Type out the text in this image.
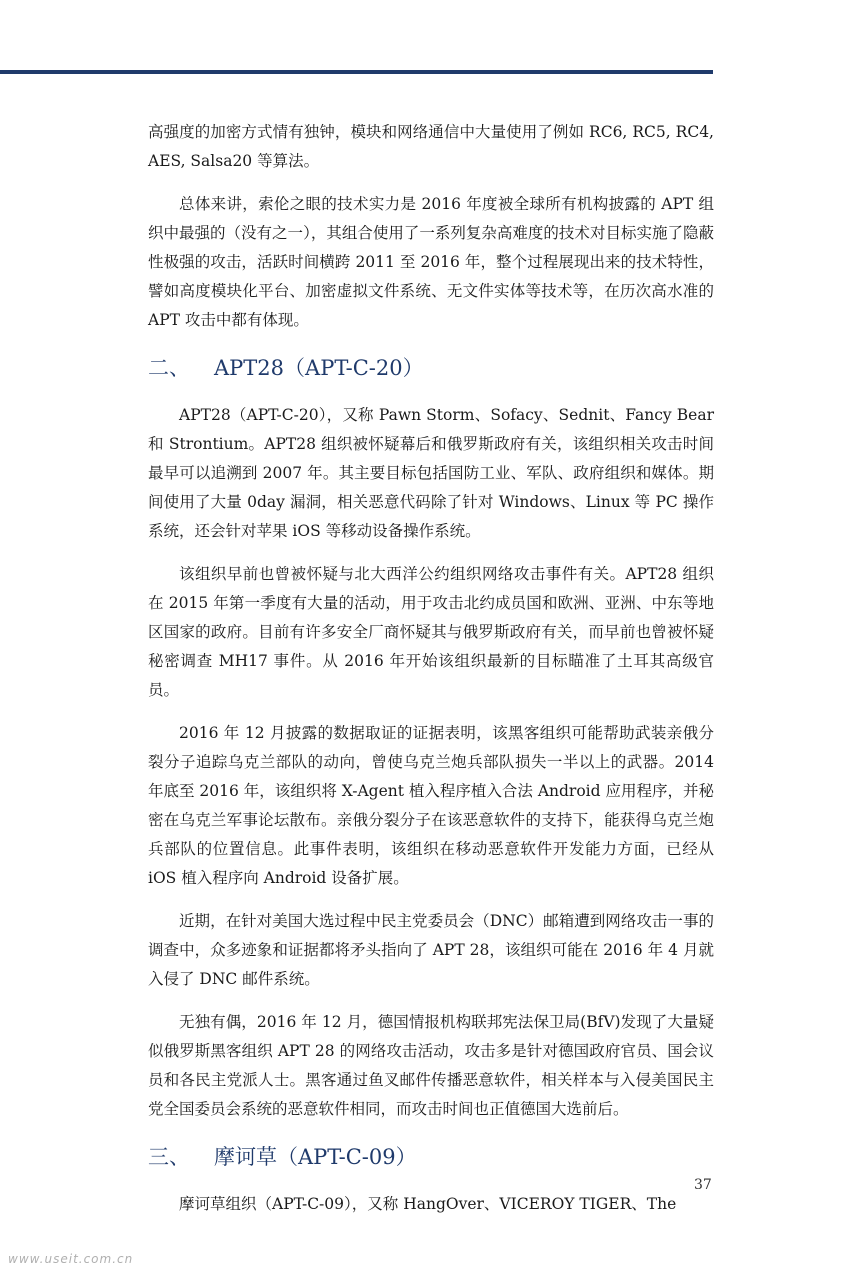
高强度的加密方式情有独钟，模块和网络通信中大量使用了例如 RC6, RC5, RC4, AES, Salsa20 等算法。

总体来讲，索伦之眼的技术实力是 2016 年度被全球所有机构披露的 APT 组织中最强的（没有之一），其组合使用了一系列复杂高难度的技术对目标实施了隐蔽性极强的攻击，活跃时间横跨 2011 至 2016 年，整个过程展现出来的技术特性，譬如高度模块化平台、加密虚拟文件系统、无文件实体等技术等，在历次高水准的 APT 攻击中都有体现。

二、 APT28（APT-C-20）

APT28（APT-C-20），又称 Pawn Storm、Sofacy、Sednit、Fancy Bear 和 Strontium。APT28 组织被怀疑幕后和俄罗斯政府有关，该组织相关攻击时间最早可以追溯到 2007 年。其主要目标包括国防工业、军队、政府组织和媒体。期间使用了大量 0day 漏洞，相关恶意代码除了针对 Windows、Linux 等 PC 操作系统，还会针对苹果 iOS 等移动设备操作系统。

该组织早前也曾被怀疑与北大西洋公约组织网络攻击事件有关。APT28 组织在 2015 年第一季度有大量的活动，用于攻击北约成员国和欧洲、亚洲、中东等地区国家的政府。目前有许多安全厂商怀疑其与俄罗斯政府有关，而早前也曾被怀疑秘密调查 MH17 事件。从 2016 年开始该组织最新的目标瞄准了土耳其高级官员。

2016 年 12 月披露的数据取证的证据表明，该黑客组织可能帮助武装亲俄分裂分子追踪乌克兰部队的动向，曾使乌克兰炮兵部队损失一半以上的武器。2014 年底至 2016 年，该组织将 X-Agent 植入程序植入合法 Android 应用程序，并秘密在乌克兰军事论坛散布。亲俄分裂分子在该恶意软件的支持下，能获得乌克兰炮兵部队的位置信息。此事件表明，该组织在移动恶意软件开发能力方面，已经从 iOS 植入程序向 Android 设备扩展。

近期，在针对美国大选过程中民主党委员会（DNC）邮箱遭到网络攻击一事的调查中，众多迹象和证据都将矛头指向了 APT 28，该组织可能在 2016 年 4 月就入侵了 DNC 邮件系统。

无独有偶，2016 年 12 月，德国情报机构联邦宪法保卫局(BfV)发现了大量疑似俄罗斯黑客组织 APT 28 的网络攻击活动，攻击多是针对德国政府官员、国会议员和各民主党派人士。黑客通过鱼叉邮件传播恶意软件，相关样本与入侵美国民主党全国委员会系统的恶意软件相同，而攻击时间也正值德国大选前后。

三、 摩诃草（APT-C-09）

摩诃草组织（APT-C-09），又称 HangOver、VICEROY TIGER、The

37
www.useit.com.cn
